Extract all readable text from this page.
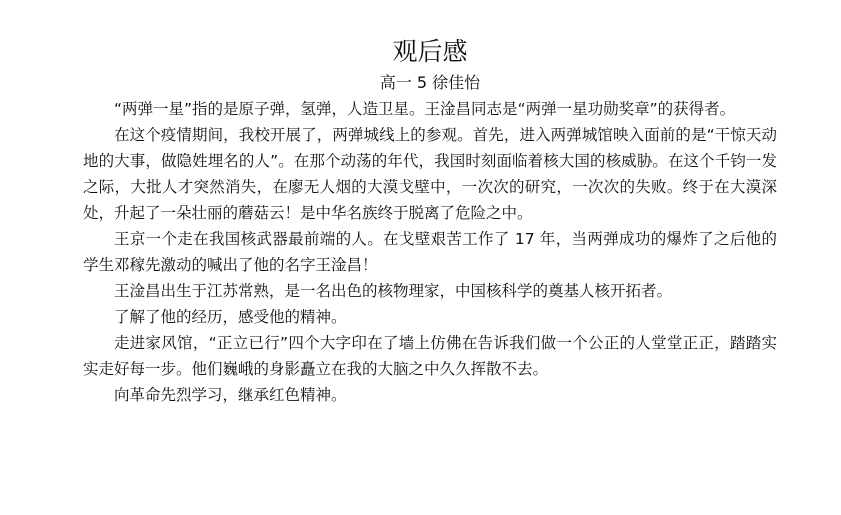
观后感

高一 5 徐佳怡

“两弹一星”指的是原子弹，氢弹，人造卫星。王淦昌同志是“两弹一星功勋奖章”的获得者。

在这个疫情期间，我校开展了，两弹城线上的参观。首先，进入两弹城馆映入面前的是“干惊天动地的大事，做隐姓埋名的人”。在那个动荡的年代，我国时刻面临着核大国的核威胁。在这个千钧一发之际，大批人才突然消失，在廖无人烟的大漠戈壁中，一次次的研究，一次次的失败。终于在大漠深处，升起了一朵壮丽的蘑菇云！是中华名族终于脱离了危险之中。

王京一个走在我国核武器最前端的人。在戈壁艰苦工作了 17 年，当两弹成功的爆炸了之后他的学生邓稼先激动的喊出了他的名字王淦昌！

王淦昌出生于江苏常熟，是一名出色的核物理家，中国核科学的奠基人核开拓者。

了解了他的经历，感受他的精神。

走进家风馆，“正立已行”四个大字印在了墙上仿佛在告诉我们做一个公正的人堂堂正正，踏踏实实走好每一步。他们巍峨的身影矗立在我的大脑之中久久挥散不去。

向革命先烈学习，继承红色精神。
